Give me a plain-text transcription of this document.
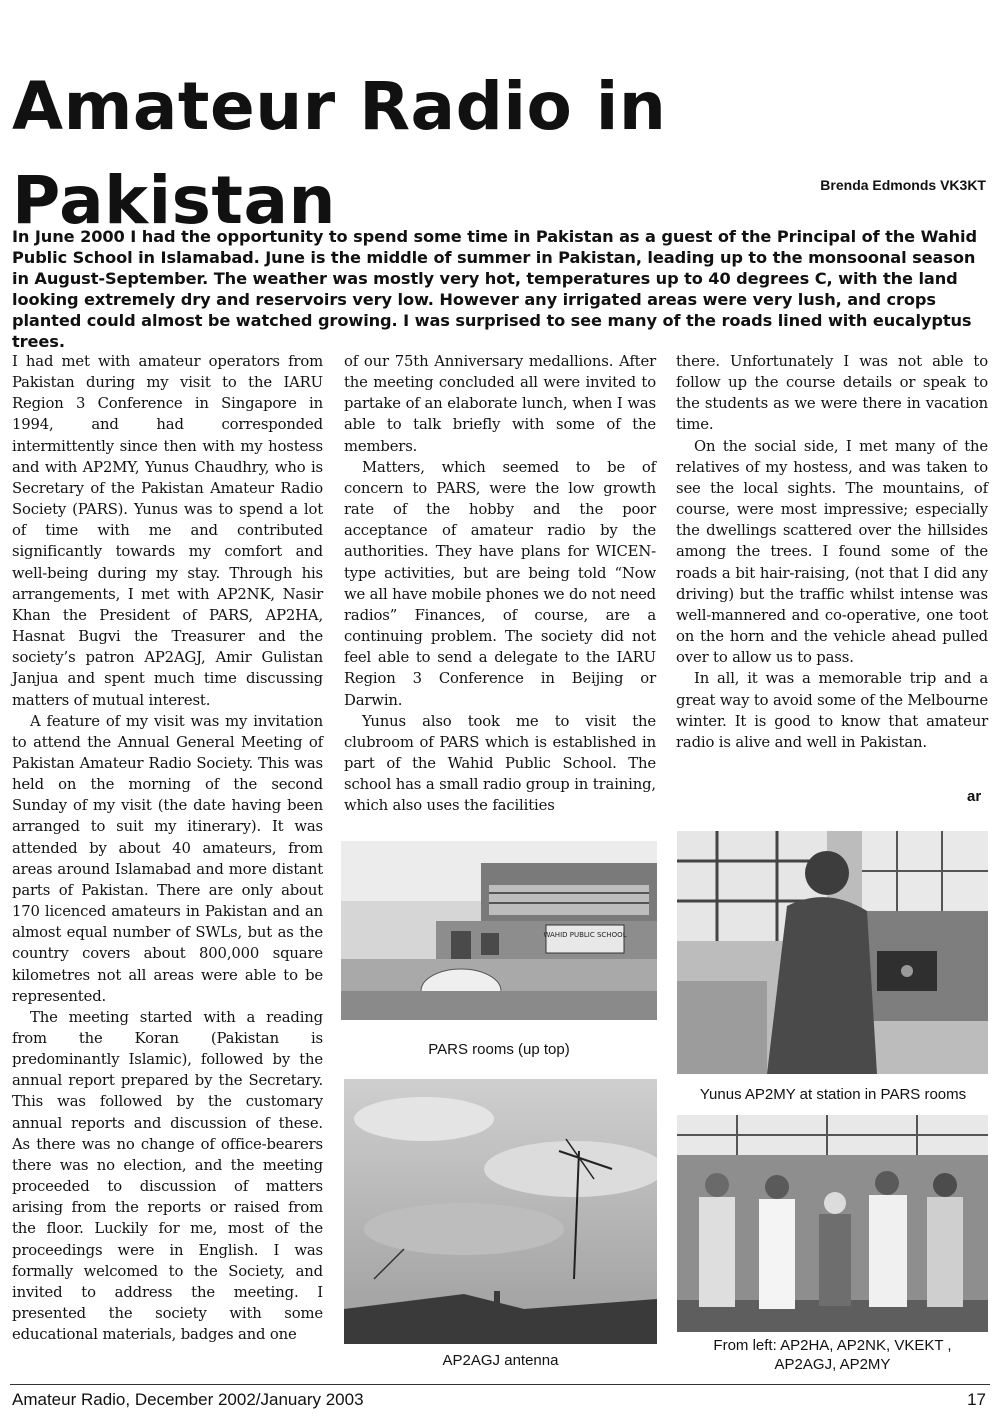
Amateur Radio in
Pakistan	Brenda Edmonds VK3KT

In June 2000 I had the opportunity to spend some time in Pakistan as a guest of the Principal of the Wahid Public School in Islamabad. June is the middle of summer in Pakistan, leading up to the monsoonal season in August-September. The weather was mostly very hot, temperatures up to 40 degrees C, with the land looking extremely dry and reservoirs very low. However any irrigated areas were very lush, and crops planted could almost be watched growing. I was surprised to see many of the roads lined with eucalyptus trees.

I had met with amateur operators from Pakistan during my visit to the IARU Region 3 Conference in Singapore in 1994, and had corresponded intermittently since then with my hostess and with AP2MY, Yunus Chaudhry, who is Secretary of the Pakistan Amateur Radio Society (PARS). Yunus was to spend a lot of time with me and contributed significantly towards my comfort and well-being during my stay. Through his arrangements, I met with AP2NK, Nasir Khan the President of PARS, AP2HA, Hasnat Bugvi the Treasurer and the society’s patron AP2AGJ, Amir Gulistan Janjua and spent much time discussing matters of mutual interest.

A feature of my visit was my invitation to attend the Annual General Meeting of Pakistan Amateur Radio Society. This was held on the morning of the second Sunday of my visit (the date having been arranged to suit my itinerary). It was attended by about 40 amateurs, from areas around Islamabad and more distant parts of Pakistan. There are only about 170 licenced amateurs in Pakistan and an almost equal number of SWLs, but as the country covers about 800,000 square kilometres not all areas were able to be represented.

The meeting started with a reading from the Koran (Pakistan is predominantly Islamic), followed by the annual report prepared by the Secretary. This was followed by the customary annual reports and discussion of these. As there was no change of office-bearers there was no election, and the meeting proceeded to discussion of matters arising from the reports or raised from the floor. Luckily for me, most of the proceedings were in English. I was formally welcomed to the Society, and invited to address the meeting. I presented the society with some educational materials, badges and one

of our 75th Anniversary medallions. After the meeting concluded all were invited to partake of an elaborate lunch, when I was able to talk briefly with some of the members.

Matters, which seemed to be of concern to PARS, were the low growth rate of the hobby and the poor acceptance of amateur radio by the authorities. They have plans for WICEN-type activities, but are being told “Now we all have mobile phones we do not need radios” Finances, of course, are a continuing problem. The society did not feel able to send a delegate to the IARU Region 3 Conference in Beijing or Darwin.

Yunus also took me to visit the clubroom of PARS which is established in part of the Wahid Public School. The school has a small radio group in training, which also uses the facilities

there. Unfortunately I was not able to follow up the course details or speak to the students as we were there in vacation time.

On the social side, I met many of the relatives of my hostess, and was taken to see the local sights. The mountains, of course, were most impressive; especially the dwellings scattered over the hillsides among the trees. I found some of the roads a bit hair-raising, (not that I did any driving) but the traffic whilst intense was well-mannered and co-operative, one toot on the horn and the vehicle ahead pulled over to allow us to pass.

In all, it was a memorable trip and a great way to avoid some of the Melbourne winter. It is good to know that amateur radio is alive and well in Pakistan.

ar
WAHID PUBLIC SCHOOL
PARS rooms (up top)
Yunus AP2MY at station in PARS rooms
AP2AGJ antenna
From left: AP2HA, AP2NK, VKEKT ,
AP2AGJ, AP2MY
Amateur Radio, December 2002/January 2003	17
